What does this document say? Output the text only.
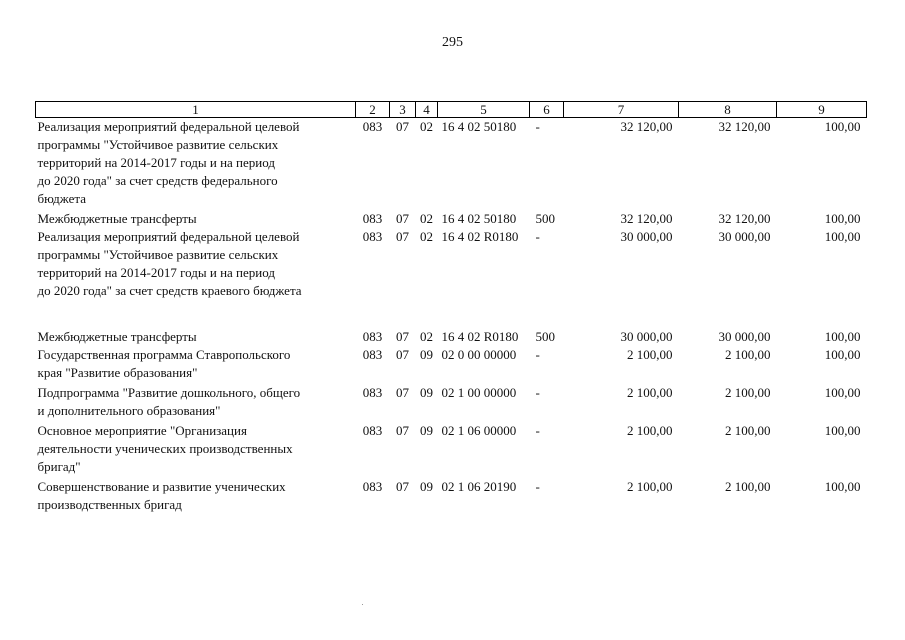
295
1	2	3	4	5	6	7	8	9
Реализация мероприятий федеральной целевой
программы "Устойчивое развитие сельских
территорий на 2014-2017 годы и на период
до 2020 года" за счет средств федерального
бюджета	083	07	02	16 4 02 50180	-	32 120,00	32 120,00	100,00
Межбюджетные трансферты	083	07	02	16 4 02 50180	500	32 120,00	32 120,00	100,00
Реализация мероприятий федеральной целевой
программы "Устойчивое развитие сельских
территорий на 2014-2017 годы и на период
до 2020 года" за счет средств краевого бюджета	083	07	02	16 4 02 R0180	-	30 000,00	30 000,00	100,00
Межбюджетные трансферты	083	07	02	16 4 02 R0180	500	30 000,00	30 000,00	100,00
Государственная программа Ставропольского
края "Развитие образования"	083	07	09	02 0 00 00000	-	2 100,00	2 100,00	100,00
Подпрограмма "Развитие дошкольного, общего
и дополнительного образования"	083	07	09	02 1 00 00000	-	2 100,00	2 100,00	100,00
Основное мероприятие "Организация
деятельности ученических производственных
бригад"	083	07	09	02 1 06 00000	-	2 100,00	2 100,00	100,00
Совершенствование и развитие ученических
производственных бригад	083	07	09	02 1 06 20190	-	2 100,00	2 100,00	100,00
